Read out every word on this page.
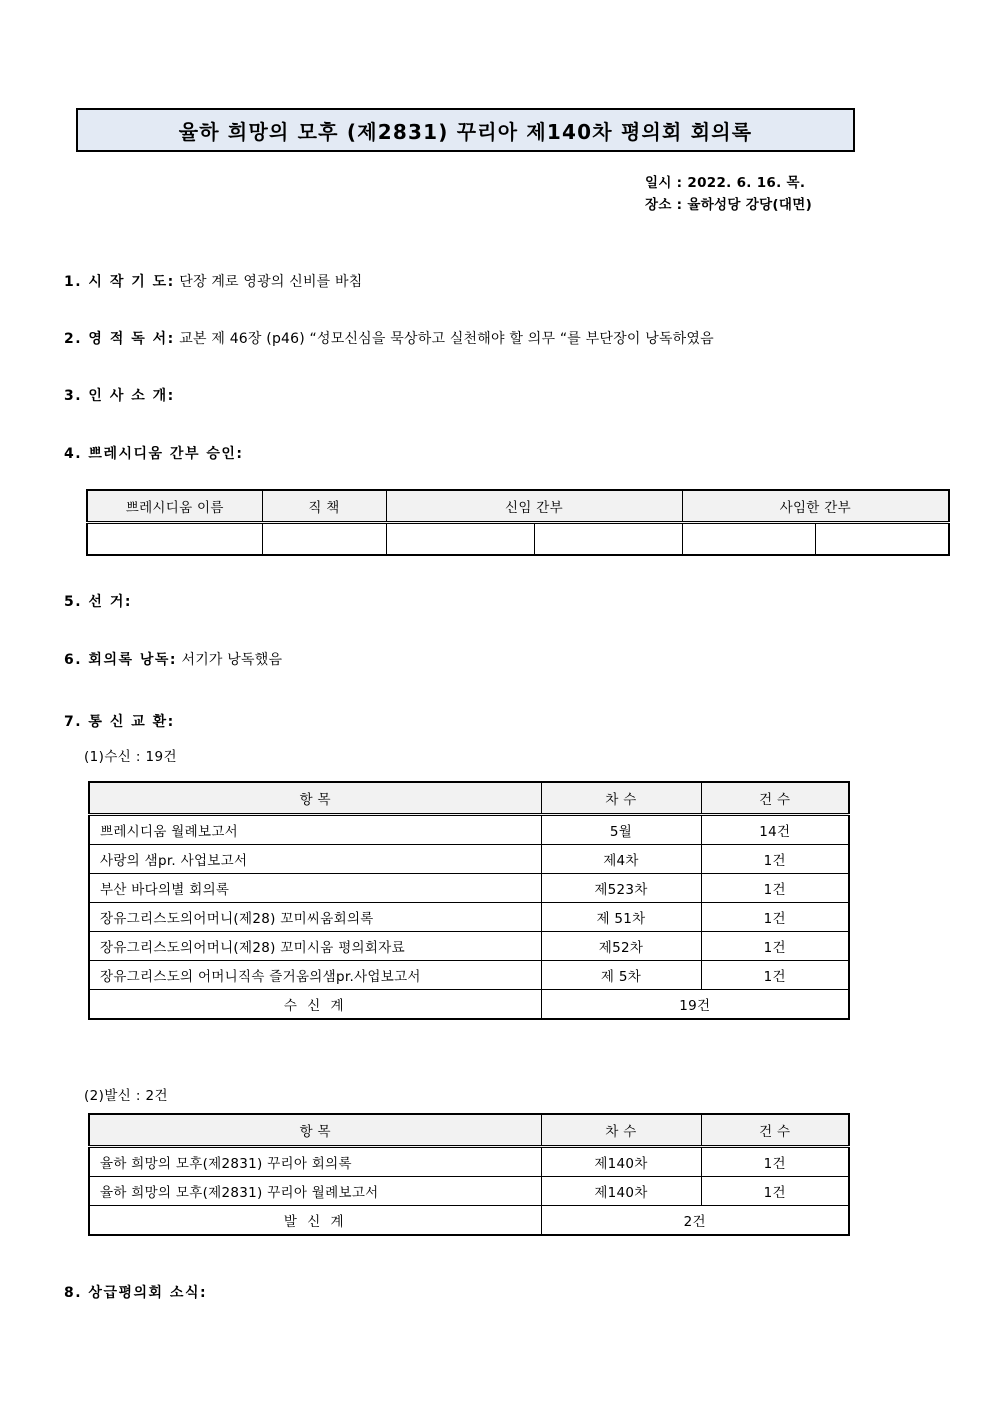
율하 희망의 모후 (제2831) 꾸리아 제140차 평의회 회의록
일시 : 2022. 6. 16. 목.
장소 : 율하성당 강당(대면)
1. 시 작 기 도: 단장 계로 영광의 신비를 바침
2. 영 적 독 서: 교본 제 46장 (p46) “성모신심을 묵상하고 실천해야 할 의무 “를 부단장이 낭독하였음
3. 인 사 소 개:
4. 쁘레시디움 간부 승인:
쁘레시디움 이름	직 책	신임 간부		사임한 간부	

5. 선 거:
6. 회의록 낭독: 서기가 낭독했음
7. 통 신 교 환:
(1)수신 : 19건
항 목	차 수	건 수
쁘레시디움 월례보고서	5월	14건
사랑의 샘pr. 사업보고서	제4차	1건
부산 바다의별 회의록	제523차	1건
장유그리스도의어머니(제28) 꼬미씨움회의록	제 51차	1건
장유그리스도의어머니(제28) 꼬미시움 평의회자료	제52차	1건
장유그리스도의 어머니직속 즐거움의샘pr.사업보고서	제 5차	1건
수 신 계	19건	
(2)발신 : 2건
항 목	차 수	건 수
율하 희망의 모후(제2831) 꾸리아 회의록	제140차	1건
율하 희망의 모후(제2831) 꾸리아 월례보고서	제140차	1건
발 신 계	2건	
8. 상급평의회 소식:
